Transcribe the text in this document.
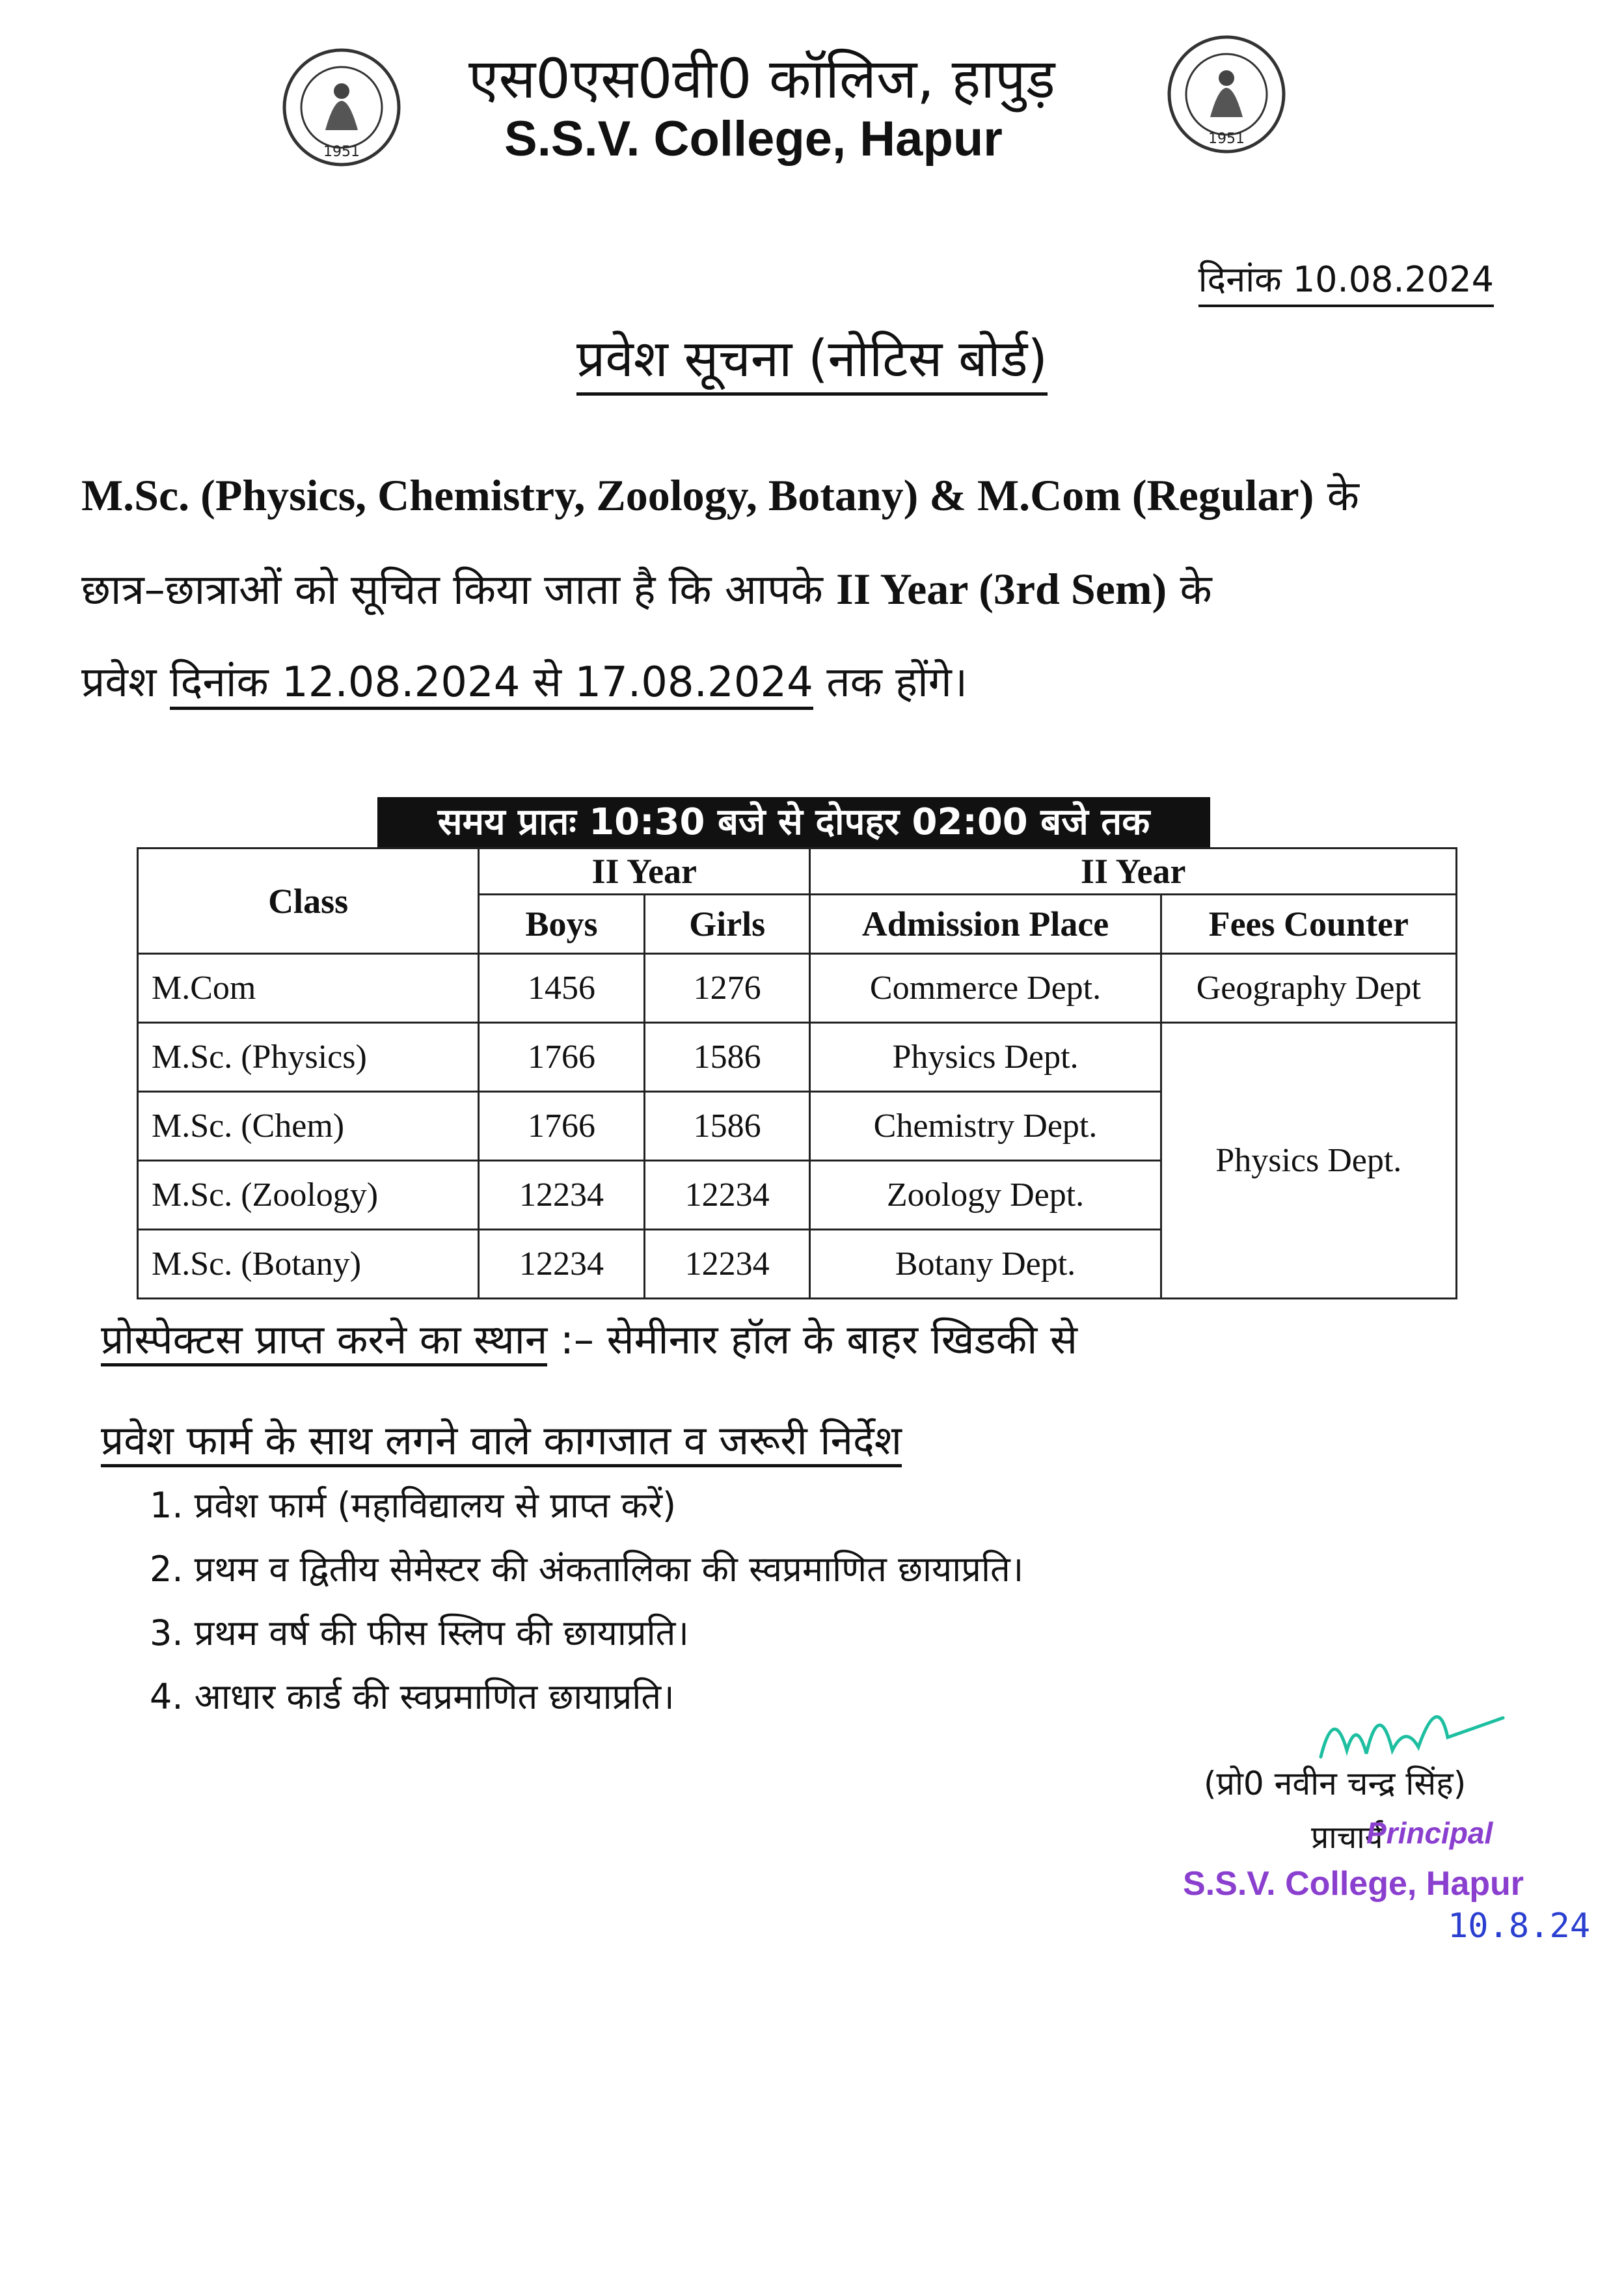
1951
1951
एस0एस0वी0 कॉलिज, हापुड़
S.S.V. College, Hapur
दिनांक 10.08.2024
प्रवेश सूचना (नोटिस बोर्ड)
M.Sc. (Physics, Chemistry, Zoology, Botany) & M.Com (Regular) के
छात्र–छात्राओं को सूचित किया जाता है कि आपके II Year (3rd Sem) के
प्रवेश दिनांक 12.08.2024 से 17.08.2024 तक होंगे।
समय प्रातः 10:30 बजे से दोपहर 02:00 बजे तक
Class	II Year		II Year	
	Boys	Girls	Admission Place	Fees Counter
M.Com	1456	1276	Commerce Dept.	Geography Dept
M.Sc. (Physics)	1766	1586	Physics Dept.	Physics Dept.
M.Sc. (Chem)	1766	1586	Chemistry Dept.	
M.Sc. (Zoology)	12234	12234	Zoology Dept.	
M.Sc. (Botany)	12234	12234	Botany Dept.	
प्रोस्पेक्टस प्राप्त करने का स्थान :– सेमीनार हॉल के बाहर खिडकी से
प्रवेश फार्म के साथ लगने वाले कागजात व जरूरी निर्देश
1. प्रवेश फार्म (महाविद्यालय से प्राप्त करें)
2. प्रथम व द्वितीय सेमेस्टर की अंकतालिका की स्वप्रमाणित छायाप्रति।
3. प्रथम वर्ष की फीस स्लिप की छायाप्रति।
4. आधार कार्ड की स्वप्रमाणित छायाप्रति।
(प्रो0 नवीन चन्द्र सिंह)
प्राचार्य
Principal
S.S.V. College, Hapur
10.8.24
